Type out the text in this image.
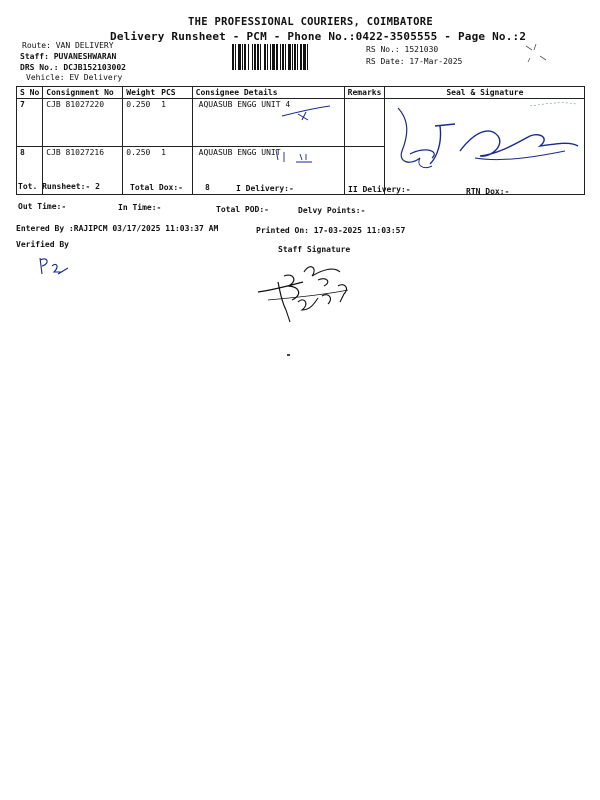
THE PROFESSIONAL COURIERS, COIMBATORE
Delivery Runsheet - PCM - Phone No.:0422-3505555 - Page No.:2
Route: VAN DELIVERY
Staff: PUVANESHWARAN
DRS No.: DCJB152103002
Vehicle: EV Delivery
RS No.: 1521030
RS Date: 17-Mar-2025
S No	Consignment No	Weight	PCS	Consignee Details	Remarks	Seal & Signature
7	CJB 81027220	0.250	1	AQUASUB ENGG UNIT 4		
8	CJB 81027216	0.250	1	AQUASUB ENGG UNIT		
Tot. Runsheet:- 2	Total Dox:-	8	I Delivery:-	II Delivery:-	RTN Dox:-
Out Time:-	In Time:-	Total POD:-	Delvy Points:-
Entered By :RAJIPCM 03/17/2025 11:03:37 AM	Printed On: 17-03-2025 11:03:57
Verified By
Staff Signature
